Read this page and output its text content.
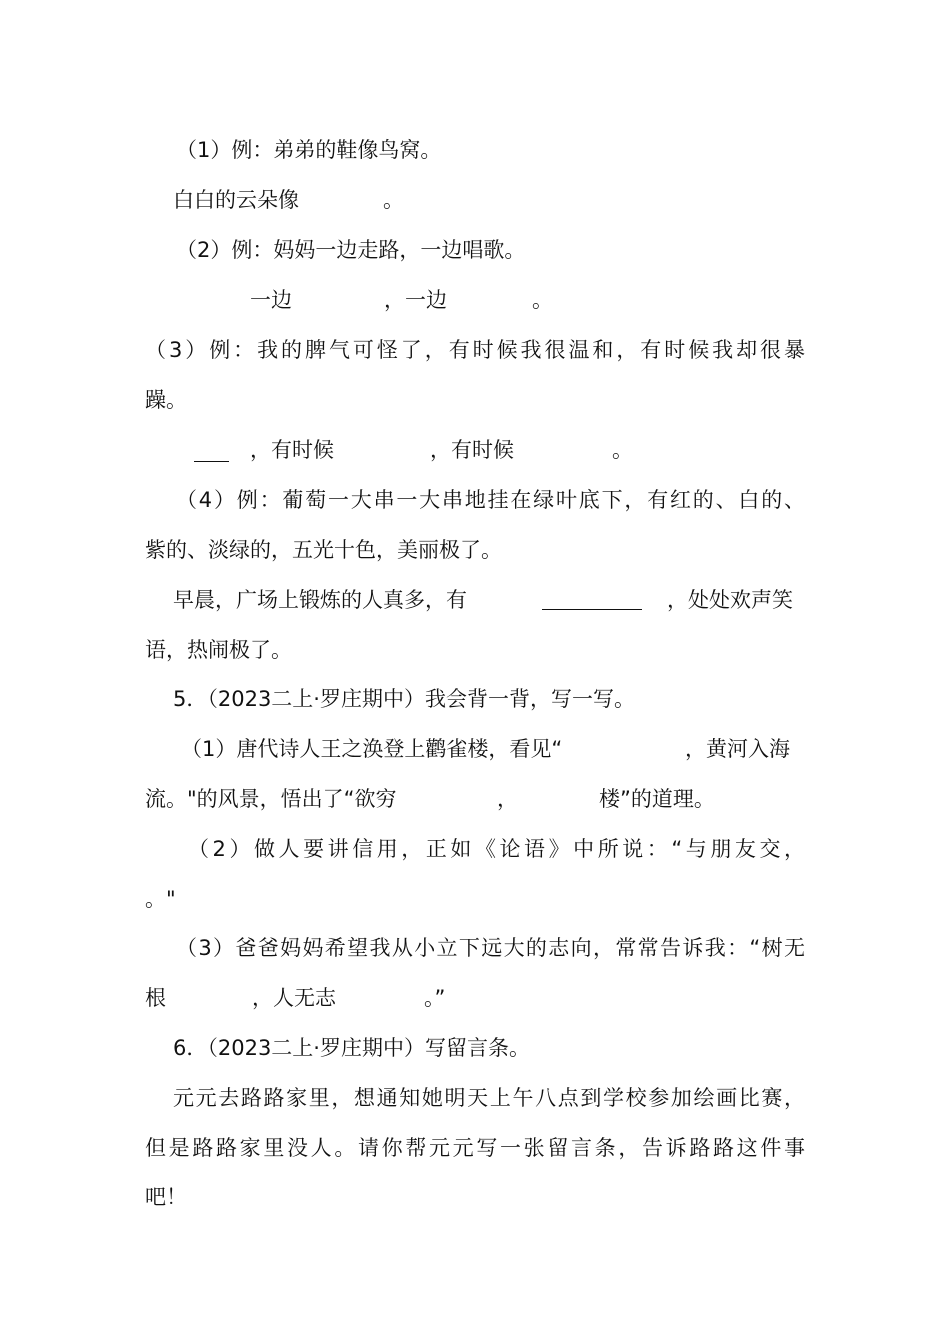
（1）例：弟弟的鞋像鸟窝。
白白的云朵像	。
（2）例：妈妈一边走路，一边唱歌。
一边	，一边	。
（3）例：我的脾气可怪了，有时候我很温和，有时候我却很暴
躁。
，有时候	，有时候	。
（4）例：葡萄一大串一大串地挂在绿叶底下，有红的、白的、
紫的、淡绿的，五光十色，美丽极了。
早晨，广场上锻炼的人真多，有	，处处欢声笑
语，热闹极了。
5．（2023二上·罗庄期中）我会背一背，写一写。
（1）唐代诗人王之涣登上鹳雀楼，看见“	，黄河入海
流。"的风景，悟出了“欲穷	，	楼”的道理。
（2）做人要讲信用，正如《论语》中所说：“与朋友交，
。"
（3）爸爸妈妈希望我从小立下远大的志向，常常告诉我：“树无
根	，人无志	。”
6．（2023二上·罗庄期中）写留言条。
元元去路路家里，想通知她明天上午八点到学校参加绘画比赛，
但是路路家里没人。请你帮元元写一张留言条，告诉路路这件事
吧！
